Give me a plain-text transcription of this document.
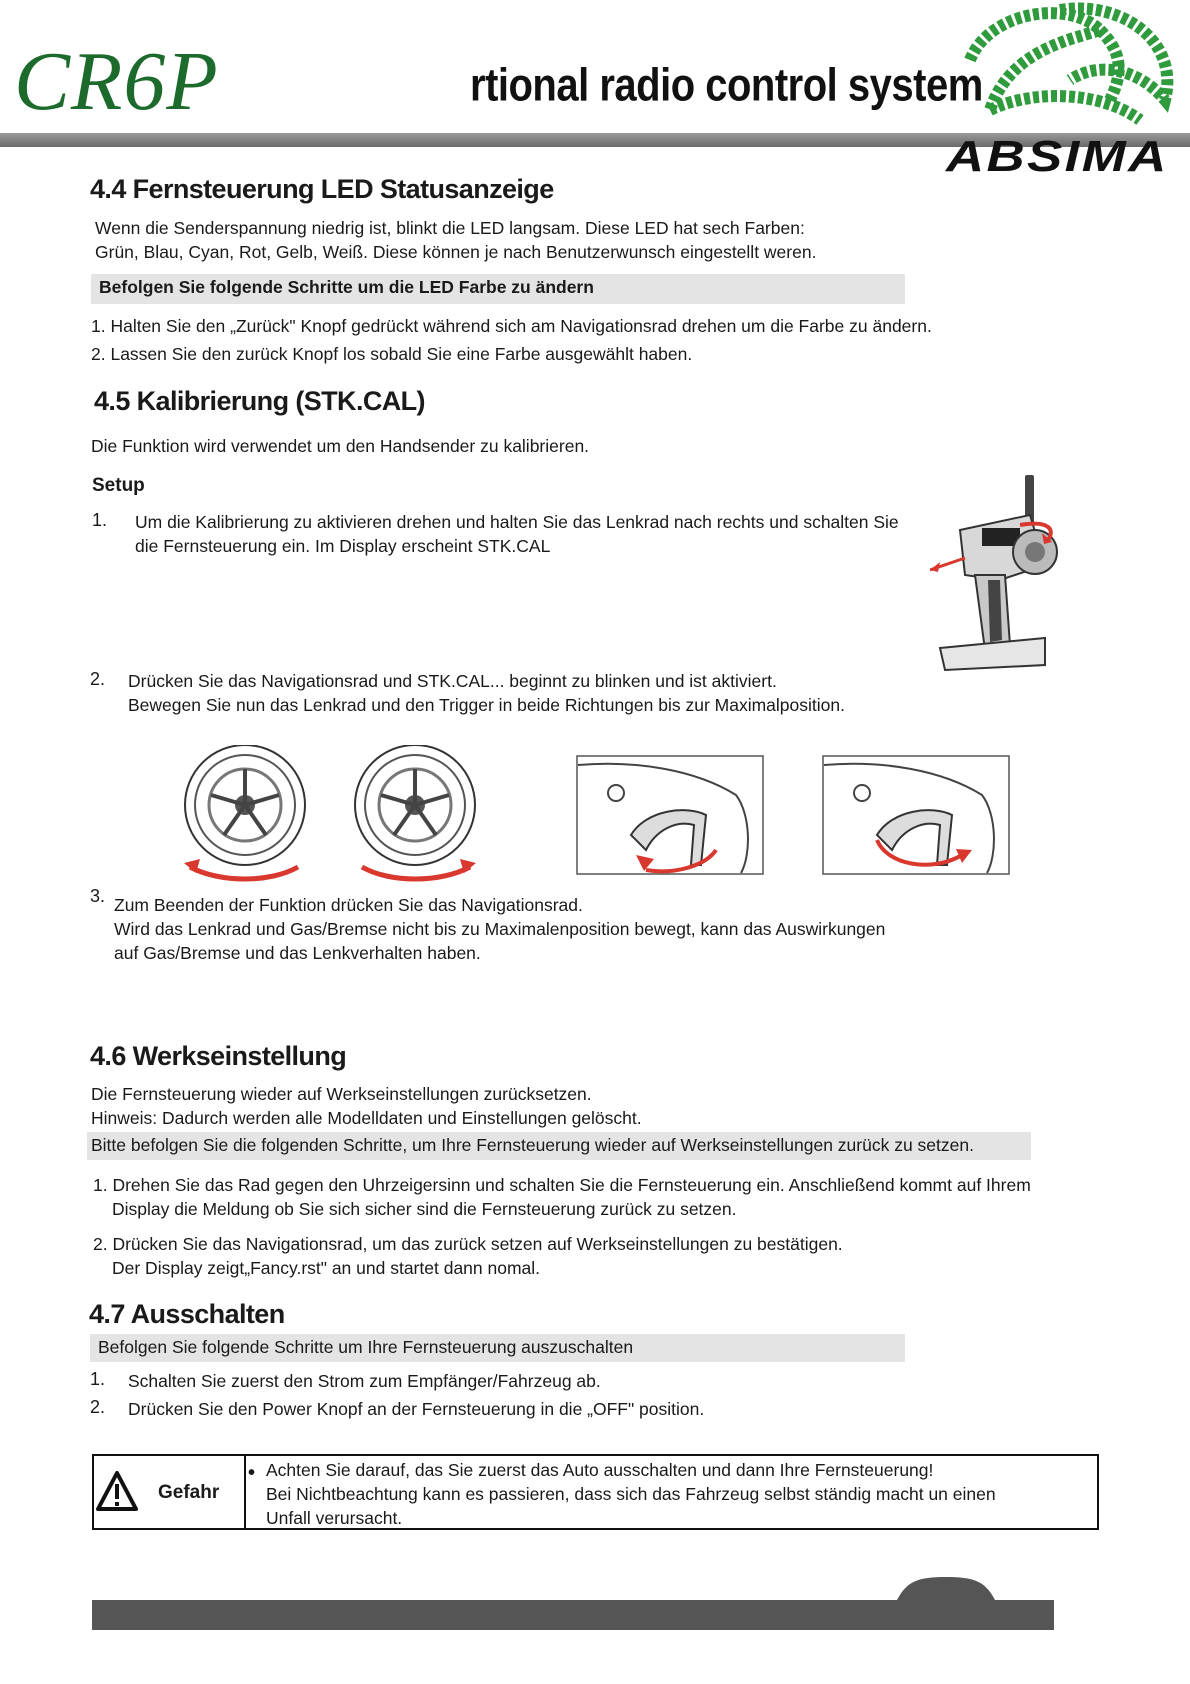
CR6P	rtional radio control system
ABSIMA
4.4 Fernsteuerung LED Statusanzeige

Wenn die Senderspannung niedrig ist, blinkt die LED langsam. Diese LED hat sech Farben:

Grün, Blau, Cyan, Rot, Gelb, Weiß. Diese können je nach Benutzerwunsch eingestellt weren.

Befolgen Sie folgende Schritte um die LED Farbe zu ändern

1. Halten Sie den „Zurück" Knopf gedrückt während sich am Navigationsrad drehen um die Farbe zu ändern.

2. Lassen Sie den zurück Knopf los sobald Sie eine Farbe ausgewählt haben.

4.5 Kalibrierung (STK.CAL)

Die Funktion wird verwendet um den Handsender zu kalibrieren.

Setup

1. Um die Kalibrierung zu aktivieren drehen und halten Sie das Lenkrad nach rechts und schalten Sie

die Fernsteuerung ein. Im Display erscheint STK.CAL

2. Drücken Sie das Navigationsrad und STK.CAL... beginnt zu blinken und ist aktiviert.

Bewegen Sie nun das Lenkrad und den Trigger in beide Richtungen bis zur Maximalposition.

3. Zum Beenden der Funktion drücken Sie das Navigationsrad.

Wird das Lenkrad und Gas/Bremse nicht bis zu Maximalenposition bewegt, kann das Auswirkungen

auf Gas/Bremse und das Lenkverhalten haben.

4.6 Werkseinstellung

Die Fernsteuerung wieder auf Werkseinstellungen zurücksetzen.

Hinweis: Dadurch werden alle Modelldaten und Einstellungen gelöscht.

Bitte befolgen Sie die folgenden Schritte, um Ihre Fernsteuerung wieder auf Werkseinstellungen zurück zu setzen.

1. Drehen Sie das Rad gegen den Uhrzeigersinn und schalten Sie die Fernsteuerung ein. Anschließend kommt auf Ihrem

Display die Meldung ob Sie sich sicher sind die Fernsteuerung zurück zu setzen.

2. Drücken Sie das Navigationsrad, um das zurück setzen auf Werkseinstellungen zu bestätigen.

Der Display zeigt„Fancy.rst" an und startet dann nomal.

4.7 Ausschalten
Befolgen Sie folgende Schritte um Ihre Fernsteuerung auszuschalten
1. Schalten Sie zuerst den Strom zum Empfänger/Fahrzeug ab.

2. Drücken Sie den Power Knopf an der Fernsteuerung in die „OFF" position.

Gefahr
• Achten Sie darauf, das Sie zuerst das Auto ausschalten und dann Ihre Fernsteuerung!

Bei Nichtbeachtung kann es passieren, dass sich das Fahrzeug selbst ständig macht un einen

Unfall verursacht.
